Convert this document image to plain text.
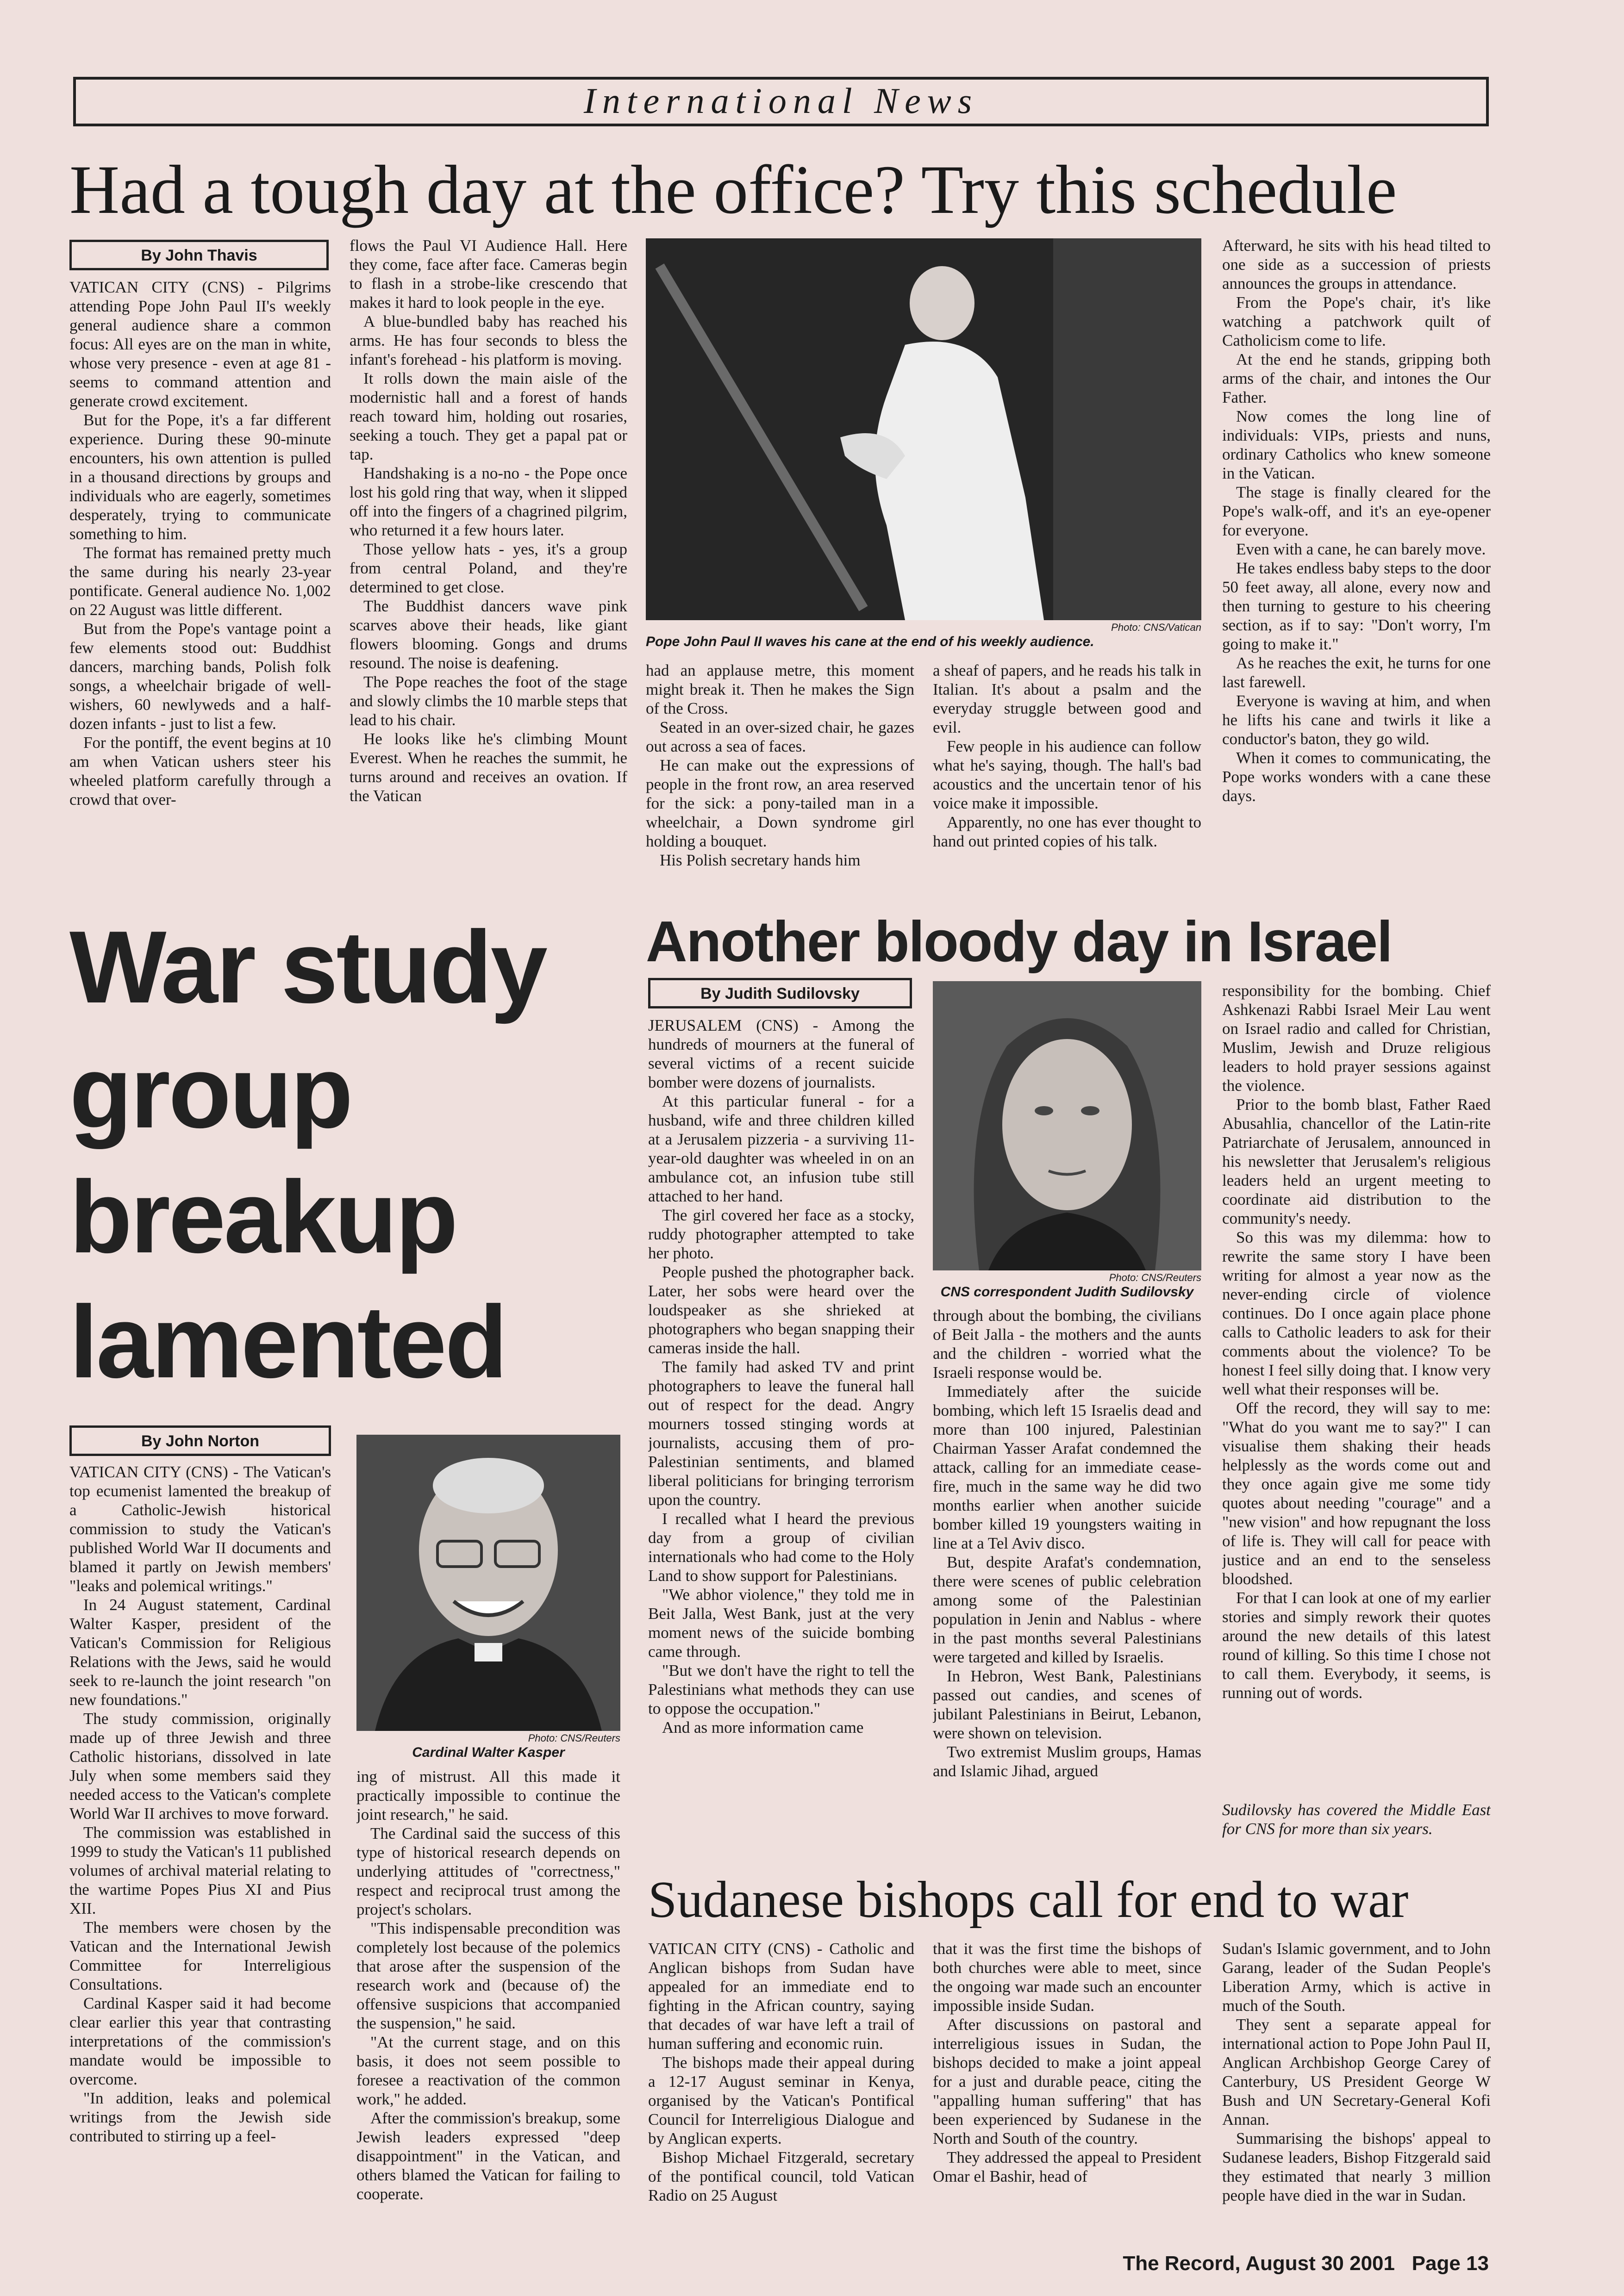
International News
Had a tough day at the office? Try this schedule
By John Thavis

VATICAN CITY (CNS) - Pilgrims attending Pope John Paul II's weekly general audience share a common focus: All eyes are on the man in white, whose very presence - even at age 81 - seems to command attention and generate crowd excitement.

But for the Pope, it's a far different experience. During these 90-minute encounters, his own attention is pulled in a thousand directions by groups and individuals who are eagerly, sometimes desperately, trying to communicate something to him.

The format has remained pretty much the same during his nearly 23-year pontificate. General audience No. 1,002 on 22 August was little different.

But from the Pope's vantage point a few elements stood out: Buddhist dancers, marching bands, Polish folk songs, a wheelchair brigade of well-wishers, 60 newlyweds and a half-dozen infants - just to list a few.

For the pontiff, the event begins at 10 am when Vatican ushers steer his wheeled platform carefully through a crowd that over-

flows the Paul VI Audience Hall. Here they come, face after face. Cameras begin to flash in a strobe-like crescendo that makes it hard to look people in the eye.

A blue-bundled baby has reached his arms. He has four seconds to bless the infant's forehead - his platform is moving.

It rolls down the main aisle of the modernistic hall and a forest of hands reach toward him, holding out rosaries, seeking a touch. They get a papal pat or tap.

Handshaking is a no-no - the Pope once lost his gold ring that way, when it slipped off into the fingers of a chagrined pilgrim, who returned it a few hours later.

Those yellow hats - yes, it's a group from central Poland, and they're determined to get close.

The Buddhist dancers wave pink scarves above their heads, like giant flowers blooming. Gongs and drums resound. The noise is deafening.

The Pope reaches the foot of the stage and slowly climbs the 10 marble steps that lead to his chair.

He looks like he's climbing Mount Everest. When he reaches the summit, he turns around and receives an ovation. If the Vatican

Photo: CNS/Vatican
Pope John Paul II waves his cane at the end of his weekly audience.

had an applause metre, this moment might break it. Then he makes the Sign of the Cross.

Seated in an over-sized chair, he gazes out across a sea of faces.

He can make out the expressions of people in the front row, an area reserved for the sick: a pony-tailed man in a wheelchair, a Down syndrome girl holding a bouquet.

His Polish secretary hands him

a sheaf of papers, and he reads his talk in Italian. It's about a psalm and the everyday struggle between good and evil.

Few people in his audience can follow what he's saying, though. The hall's bad acoustics and the uncertain tenor of his voice make it impossible.

Apparently, no one has ever thought to hand out printed copies of his talk.

Afterward, he sits with his head tilted to one side as a succession of priests announces the groups in attendance.

From the Pope's chair, it's like watching a patchwork quilt of Catholicism come to life.

At the end he stands, gripping both arms of the chair, and intones the Our Father.

Now comes the long line of individuals: VIPs, priests and nuns, ordinary Catholics who knew someone in the Vatican.

The stage is finally cleared for the Pope's walk-off, and it's an eye-opener for everyone.

Even with a cane, he can barely move.

He takes endless baby steps to the door 50 feet away, all alone, every now and then turning to gesture to his cheering section, as if to say: "Don't worry, I'm going to make it."

As he reaches the exit, he turns for one last farewell.

Everyone is waving at him, and when he lifts his cane and twirls it like a conductor's baton, they go wild.

When it comes to communicating, the Pope works wonders with a cane these days.

War study
group
breakup
lamented
By John Norton

VATICAN CITY (CNS) - The Vatican's top ecumenist lamented the breakup of a Catholic-Jewish historical commission to study the Vatican's published World War II documents and blamed it partly on Jewish members' "leaks and polemical writings."

In 24 August statement, Cardinal Walter Kasper, president of the Vatican's Commission for Religious Relations with the Jews, said he would seek to re-launch the joint research "on new foundations."

The study commission, originally made up of three Jewish and three Catholic historians, dissolved in late July when some members said they needed access to the Vatican's complete World War II archives to move forward.

The commission was established in 1999 to study the Vatican's 11 published volumes of archival material relating to the wartime Popes Pius XI and Pius XII.

The members were chosen by the Vatican and the International Jewish Committee for Interreligious Consultations.

Cardinal Kasper said it had become clear earlier this year that contrasting interpretations of the commission's mandate would be impossible to overcome.

"In addition, leaks and polemical writings from the Jewish side contributed to stirring up a feel-

Photo: CNS/Reuters
Cardinal Walter Kasper

ing of mistrust. All this made it practically impossible to continue the joint research," he said.

The Cardinal said the success of this type of historical research depends on underlying attitudes of "correctness," respect and reciprocal trust among the project's scholars.

"This indispensable precondition was completely lost because of the polemics that arose after the suspension of the research work and (because of) the offensive suspicions that accompanied the suspension," he said.

"At the current stage, and on this basis, it does not seem possible to foresee a reactivation of the common work," he added.

After the commission's breakup, some Jewish leaders expressed "deep disappointment" in the Vatican, and others blamed the Vatican for failing to cooperate.

Another bloody day in Israel
By Judith Sudilovsky

JERUSALEM (CNS) - Among the hundreds of mourners at the funeral of several victims of a recent suicide bomber were dozens of journalists.

At this particular funeral - for a husband, wife and three children killed at a Jerusalem pizzeria - a surviving 11-year-old daughter was wheeled in on an ambulance cot, an infusion tube still attached to her hand.

The girl covered her face as a stocky, ruddy photographer attempted to take her photo.

People pushed the photographer back. Later, her sobs were heard over the loudspeaker as she shrieked at photographers who began snapping their cameras inside the hall.

The family had asked TV and print photographers to leave the funeral hall out of respect for the dead. Angry mourners tossed stinging words at journalists, accusing them of pro-Palestinian sentiments, and blamed liberal politicians for bringing terrorism upon the country.

I recalled what I heard the previous day from a group of civilian internationals who had come to the Holy Land to show support for Palestinians.

"We abhor violence," they told me in Beit Jalla, West Bank, just at the very moment news of the suicide bombing came through.

"But we don't have the right to tell the Palestinians what methods they can use to oppose the occupation."

And as more information came

Photo: CNS/Reuters
CNS correspondent Judith Sudilovsky

through about the bombing, the civilians of Beit Jalla - the mothers and the aunts and the children - worried what the Israeli response would be.

Immediately after the suicide bombing, which left 15 Israelis dead and more than 100 injured, Palestinian Chairman Yasser Arafat condemned the attack, calling for an immediate cease-fire, much in the same way he did two months earlier when another suicide bomber killed 19 youngsters waiting in line at a Tel Aviv disco.

But, despite Arafat's condemnation, there were scenes of public celebration among some of the Palestinian population in Jenin and Nablus - where in the past months several Palestinians were targeted and killed by Israelis.

In Hebron, West Bank, Palestinians passed out candies, and scenes of jubilant Palestinians in Beirut, Lebanon, were shown on television.

Two extremist Muslim groups, Hamas and Islamic Jihad, argued

responsibility for the bombing. Chief Ashkenazi Rabbi Israel Meir Lau went on Israel radio and called for Christian, Muslim, Jewish and Druze religious leaders to hold prayer sessions against the violence.

Prior to the bomb blast, Father Raed Abusahlia, chancellor of the Latin-rite Patriarchate of Jerusalem, announced in his newsletter that Jerusalem's religious leaders held an urgent meeting to coordinate aid distribution to the community's needy.

So this was my dilemma: how to rewrite the same story I have been writing for almost a year now as the never-ending circle of violence continues. Do I once again place phone calls to Catholic leaders to ask for their comments about the violence? To be honest I feel silly doing that. I know very well what their responses will be.

Off the record, they will say to me: "What do you want me to say?" I can visualise them shaking their heads helplessly as the words come out and they once again give me some tidy quotes about needing "courage" and a "new vision" and how repugnant the loss of life is. They will call for peace with justice and an end to the senseless bloodshed.

For that I can look at one of my earlier stories and simply rework their quotes around the new details of this latest round of killing. So this time I chose not to call them. Everybody, it seems, is running out of words.

Sudilovsky has covered the Middle East for CNS for more than six years.

Sudanese bishops call for end to war

VATICAN CITY (CNS) - Catholic and Anglican bishops from Sudan have appealed for an immediate end to fighting in the African country, saying that decades of war have left a trail of human suffering and economic ruin.

The bishops made their appeal during a 12-17 August seminar in Kenya, organised by the Vatican's Pontifical Council for Interreligious Dialogue and by Anglican experts.

Bishop Michael Fitzgerald, secretary of the pontifical council, told Vatican Radio on 25 August

that it was the first time the bishops of both churches were able to meet, since the ongoing war made such an encounter impossible inside Sudan.

After discussions on pastoral and interreligious issues in Sudan, the bishops decided to make a joint appeal for a just and durable peace, citing the "appalling human suffering" that has been experienced by Sudanese in the North and South of the country.

They addressed the appeal to President Omar el Bashir, head of

Sudan's Islamic government, and to John Garang, leader of the Sudan People's Liberation Army, which is active in much of the South.

They sent a separate appeal for international action to Pope John Paul II, Anglican Archbishop George Carey of Canterbury, US President George W Bush and UN Secretary-General Kofi Annan.

Summarising the bishops' appeal to Sudanese leaders, Bishop Fitzgerald said they estimated that nearly 3 million people have died in the war in Sudan.

The Record, August 30 2001   Page 13
